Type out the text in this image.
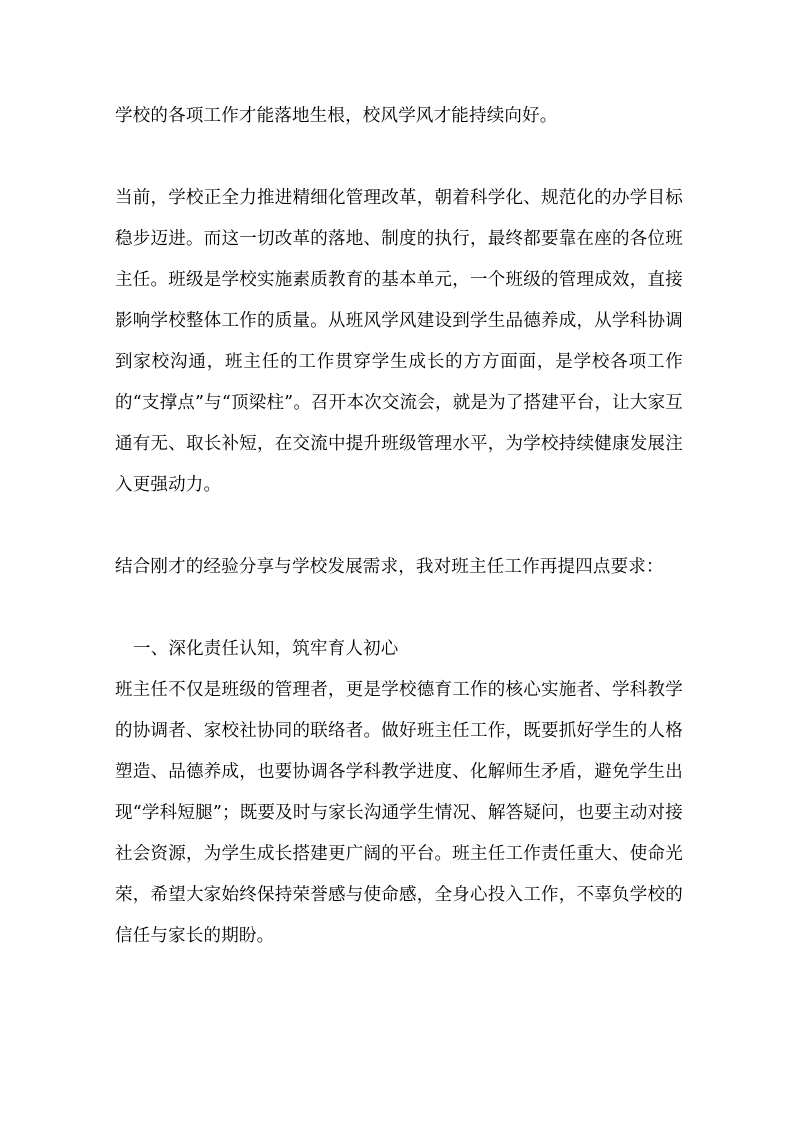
学校的各项工作才能落地生根，校风学风才能持续向好。

当前，学校正全力推进精细化管理改革，朝着科学化、规范化的办学目标稳步迈进。而这一切改革的落地、制度的执行，最终都要靠在座的各位班主任。班级是学校实施素质教育的基本单元，一个班级的管理成效，直接影响学校整体工作的质量。从班风学风建设到学生品德养成，从学科协调到家校沟通，班主任的工作贯穿学生成长的方方面面，是学校各项工作的“支撑点”与“顶梁柱”。召开本次交流会，就是为了搭建平台，让大家互通有无、取长补短，在交流中提升班级管理水平，为学校持续健康发展注入更强动力。

结合刚才的经验分享与学校发展需求，我对班主任工作再提四点要求：

一、深化责任认知，筑牢育人初心

班主任不仅是班级的管理者，更是学校德育工作的核心实施者、学科教学的协调者、家校社协同的联络者。做好班主任工作，既要抓好学生的人格塑造、品德养成，也要协调各学科教学进度、化解师生矛盾，避免学生出现“学科短腿”；既要及时与家长沟通学生情况、解答疑问，也要主动对接社会资源，为学生成长搭建更广阔的平台。班主任工作责任重大、使命光荣，希望大家始终保持荣誉感与使命感，全身心投入工作，不辜负学校的信任与家长的期盼。
